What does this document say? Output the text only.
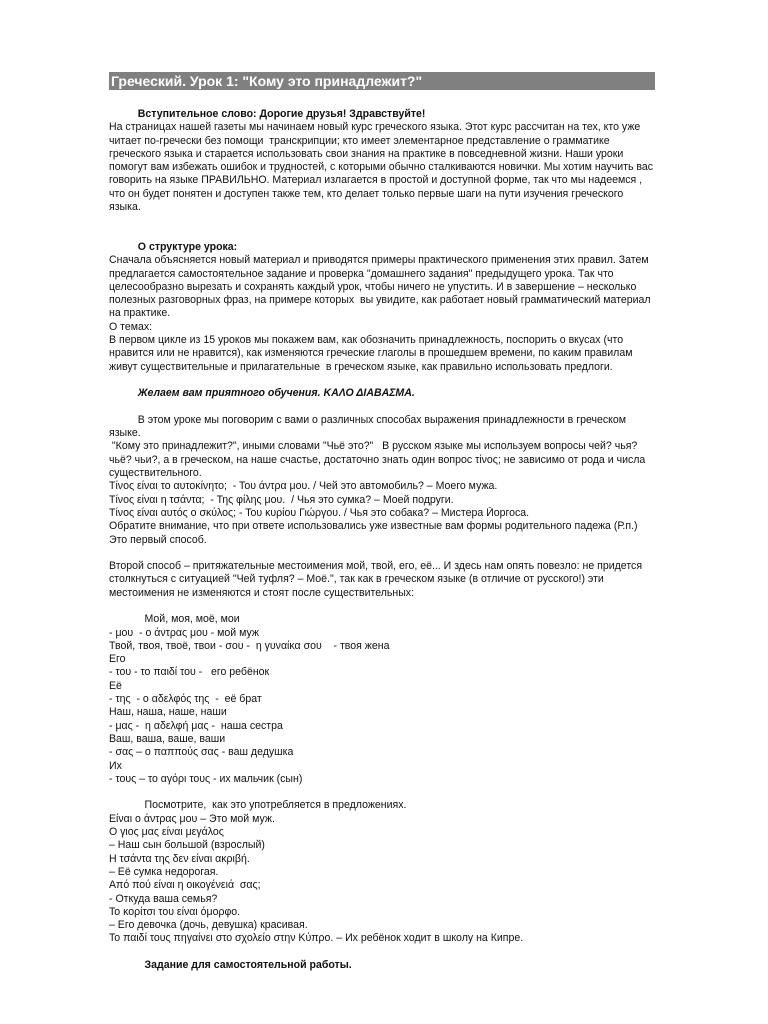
Греческий. Урок 1: "Кому это принадлежит?"
Вступительное слово: Дорогие друзья! Здравствуйте!
На страницах нашей газеты мы начинаем новый курс греческого языка. Этот курс рассчитан на тех, кто уже
читает по-гречески без помощи  транскрипции; кто имеет элементарное представление о грамматике
греческого языка и старается использовать свои знания на практике в повседневной жизни. Наши уроки
помогут вам избежать ошибок и трудностей, с которыми обычно сталкиваются новички. Мы хотим научить вас
говорить на языке ПРАВИЛЬНО. Материал излагается в простой и доступной форме, так что мы надеемся ,
что он будет понятен и доступен также тем, кто делает только первые шаги на пути изучения греческого
языка.
О структуре урока:
Сначала объясняется новый материал и приводятся примеры практического применения этих правил. Затем
предлагается самостоятельное задание и проверка "домашнего задания" предыдущего урока. Так что
целесообразно вырезать и сохранять каждый урок, чтобы ничего не упустить. И в завершение – несколько
полезных разговорных фраз, на примере которых  вы увидите, как работает новый грамматический материал
на практике.
О темах:
В первом цикле из 15 уроков мы покажем вам, как обозначить принадлежность, поспорить о вкусах (что
нравится или не нравится), как изменяются греческие глаголы в прошедшем времени, по каким правилам
живут существительные и прилагательные  в греческом языке, как правильно использовать предлоги.
Желаем вам приятного обучения. ΚΑΛΟ ΔΙΑΒΑΣΜΑ.
В этом уроке мы поговорим с вами о различных способах выражения принадлежности в греческом
языке.
"Кому это принадлежит?", иными словами "Чьё это?"   В русском языке мы используем вопросы чей? чья?
чьё? чьи?, а в греческом, на наше счастье, достаточно знать один вопрос τίνος; не зависимо от рода и числа
существительного.
Τίνος είναι το αυτοκίνητο;  - Του άντρα μου. / Чей это автомобиль? – Моего мужа.
Τίνος είναι η τσάντα;  - Της φίλης μου.  / Чья это сумка? – Моей подруги.
Τίνος είναι αυτός ο σκύλος; - Του κυρίου Γιώργου. / Чья это собака? – Мистера Йоргоса.
Обратите внимание, что при ответе использовались уже известные вам формы родительного падежа (Р.п.)
Это первый способ.
Второй способ – притяжательные местоимения мой, твой, его, её... И здесь нам опять повезло: не придется
столкнуться с ситуацией "Чей туфля? – Моё.", так как в греческом языке (в отличие от русского!) эти
местоимения не изменяются и стоят после существительных:
Мой, моя, моё, мои
- μου  - ο άντρας μου - мой муж
Твой, твоя, твоё, твои - σου -  η γυναίκα σου    - твоя жена
Его
- του - το παιδί του -   его ребёнок
Её
- της  - ο αδελφός της  -  её брат
Наш, наша, наше, наши
- μας -  η αδελφή μας -  наша сестра
Ваш, ваша, ваше, ваши
- σας – ο παππούς σας - ваш дедушка
Их
- τους – το αγόρι τους - их мальчик (сын)
Посмотрите,  как это употребляется в предложениях.
Είναι ο άντρας μου – Это мой муж.
Ο γιος μας είναι μεγάλος
– Наш сын большой (взрослый)
Η τσάντα της δεν είναι ακριβή.
– Её сумка недорогая.
Από πού είναι η οικογένειά  σας;
- Откуда ваша семья?
Το κορίτσι του είναι όμορφο.
– Его девочка (дочь, девушка) красивая.
Το παιδί τους πηγαίνει στο σχολείο στην Κύπρο. – Их ребёнок ходит в школу на Кипре.
Задание для самостоятельной работы.
